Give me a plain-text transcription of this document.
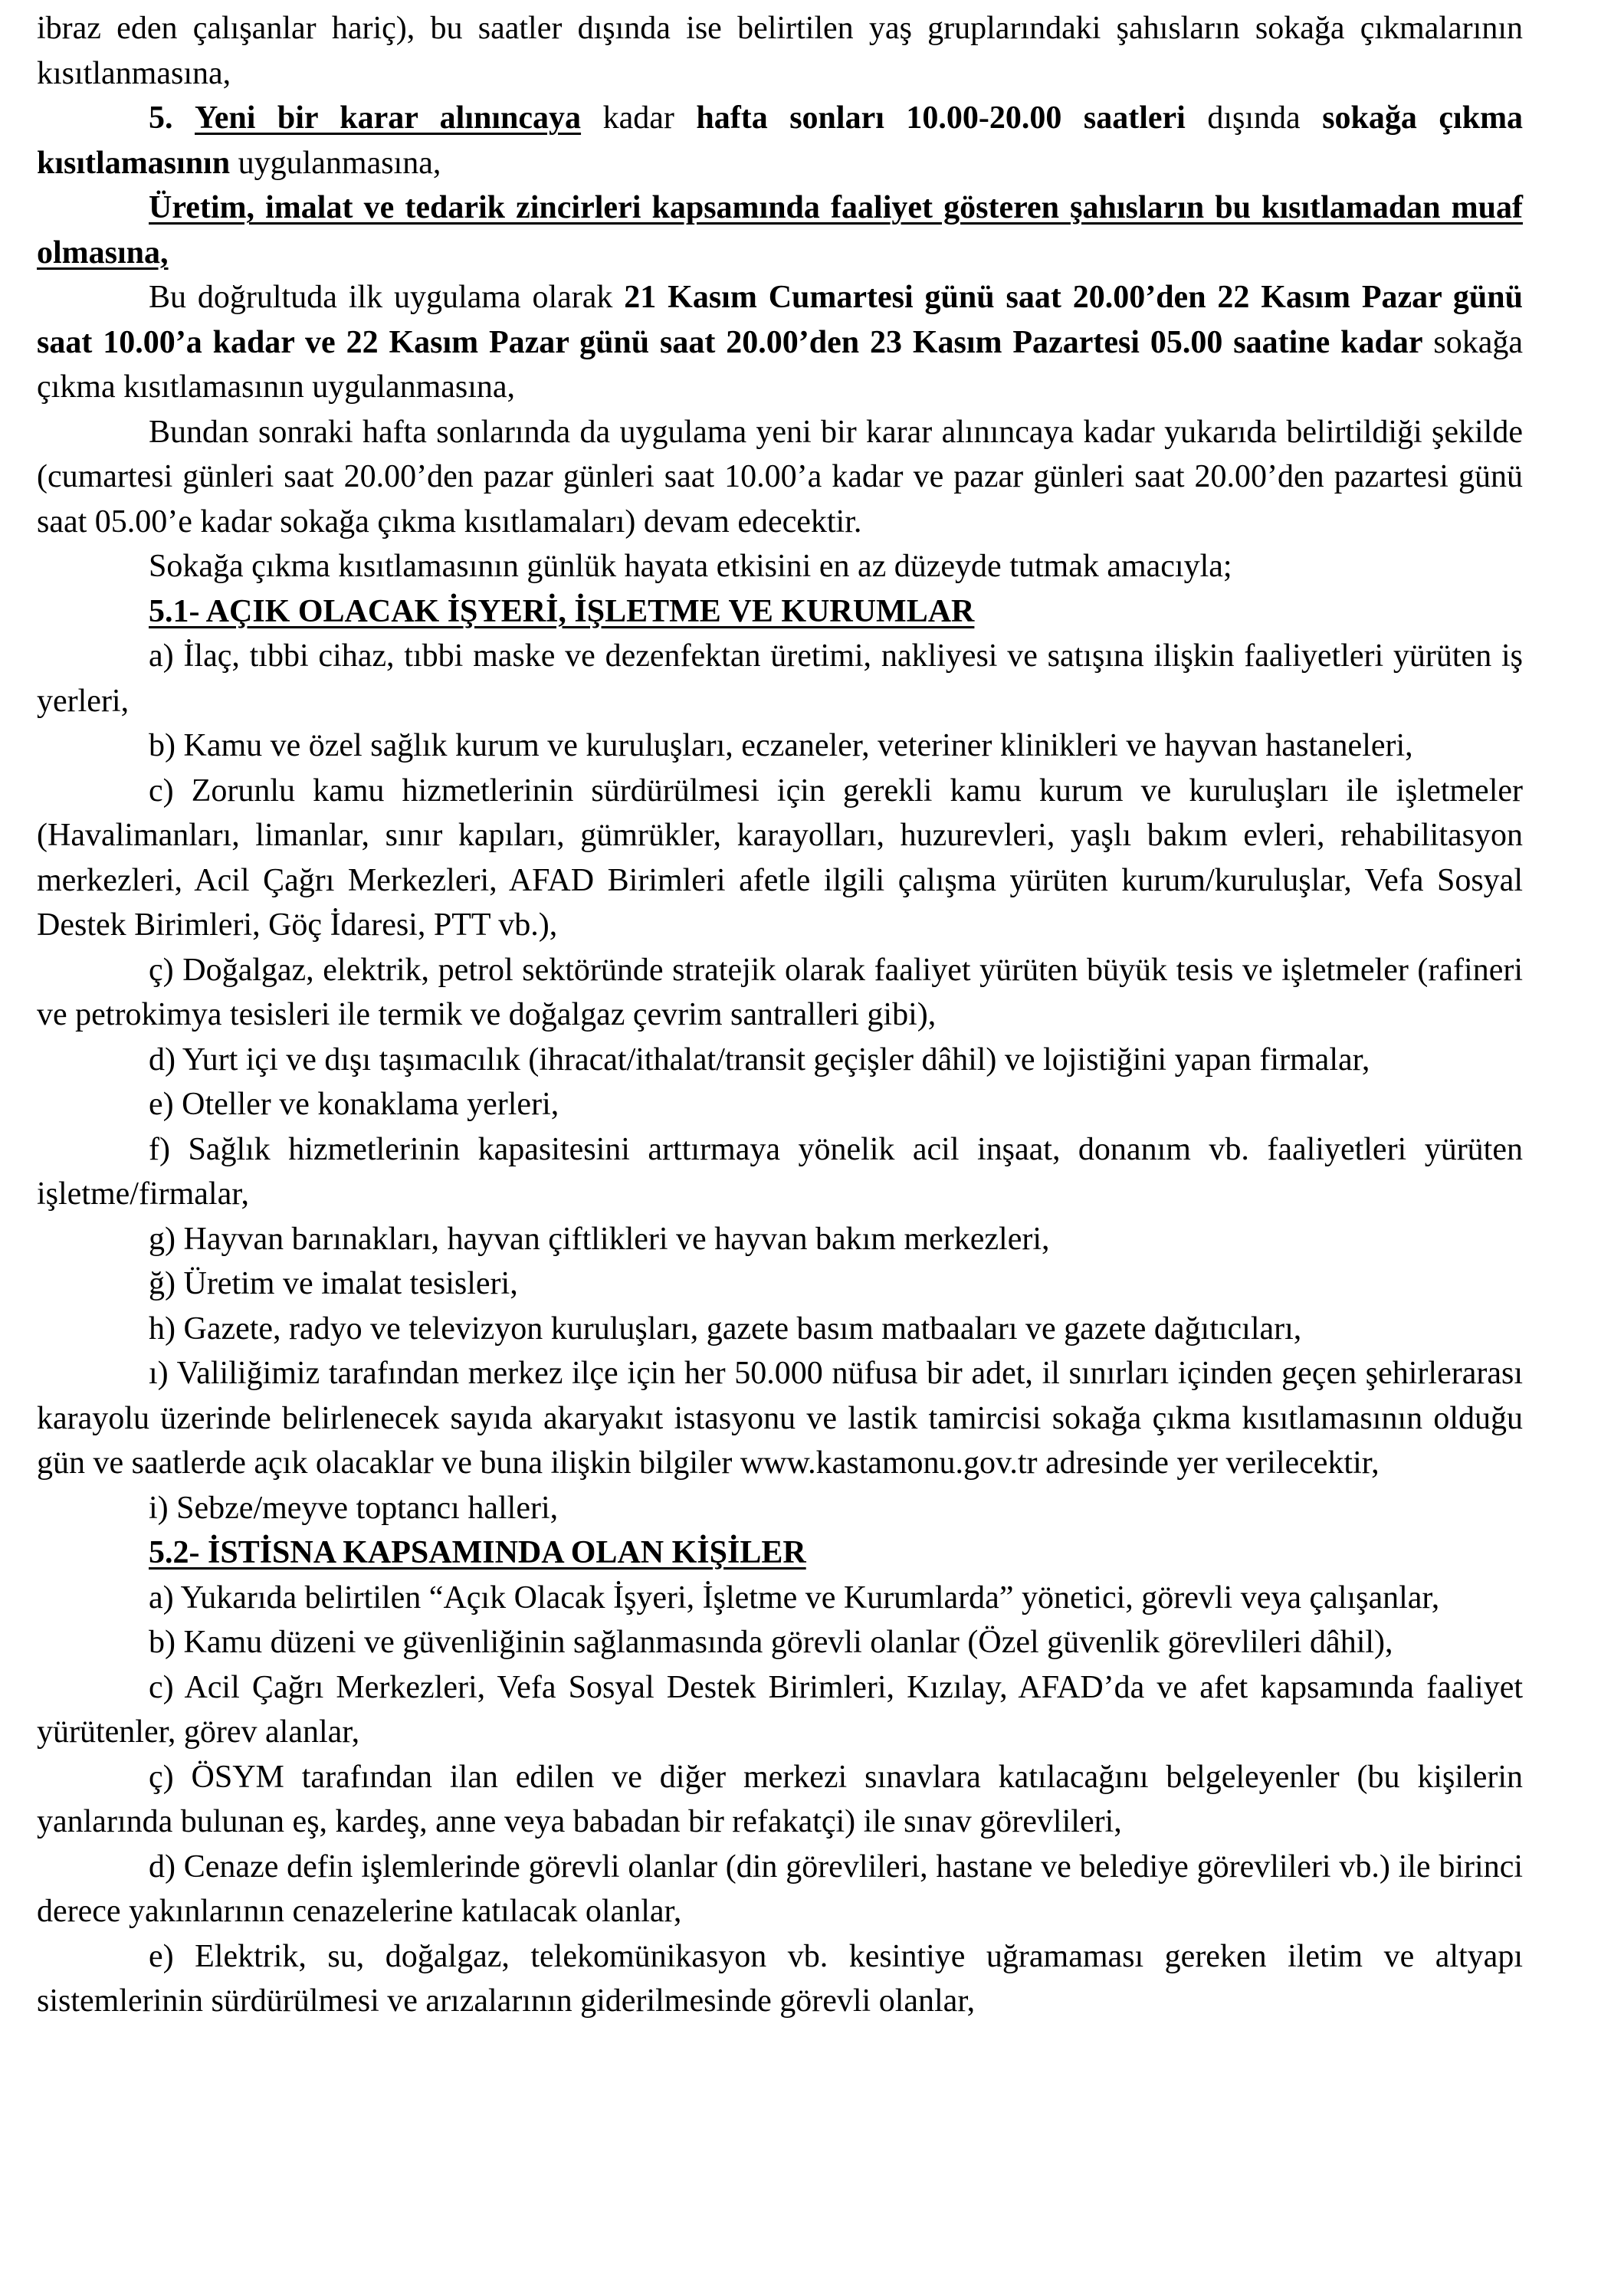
ibraz eden çalışanlar hariç), bu saatler dışında ise belirtilen yaş gruplarındaki şahısların sokağa çıkmalarının kısıtlanmasına,

5. Yeni bir karar alınıncaya kadar hafta sonları 10.00-20.00 saatleri dışında sokağa çıkma kısıtlamasının uygulanmasına,

Üretim, imalat ve tedarik zincirleri kapsamında faaliyet gösteren şahısların bu kısıtlamadan muaf olmasına,

Bu doğrultuda ilk uygulama olarak 21 Kasım Cumartesi günü saat 20.00’den 22 Kasım Pazar günü saat 10.00’a kadar ve 22 Kasım Pazar günü saat 20.00’den 23 Kasım Pazartesi 05.00 saatine kadar sokağa çıkma kısıtlamasının uygulanmasına,

Bundan sonraki hafta sonlarında da uygulama yeni bir karar alınıncaya kadar yukarıda belirtildiği şekilde (cumartesi günleri saat 20.00’den pazar günleri saat 10.00’a kadar ve pazar günleri saat 20.00’den pazartesi günü saat 05.00’e kadar sokağa çıkma kısıtlamaları) devam edecektir.

Sokağa çıkma kısıtlamasının günlük hayata etkisini en az düzeyde tutmak amacıyla;

5.1- AÇIK OLACAK İŞYERİ, İŞLETME VE KURUMLAR

a) İlaç, tıbbi cihaz, tıbbi maske ve dezenfektan üretimi, nakliyesi ve satışına ilişkin faaliyetleri yürüten iş yerleri,

b) Kamu ve özel sağlık kurum ve kuruluşları, eczaneler, veteriner klinikleri ve hayvan hastaneleri,

c) Zorunlu kamu hizmetlerinin sürdürülmesi için gerekli kamu kurum ve kuruluşları ile işletmeler (Havalimanları, limanlar, sınır kapıları, gümrükler, karayolları, huzurevleri, yaşlı bakım evleri, rehabilitasyon merkezleri, Acil Çağrı Merkezleri, AFAD Birimleri afetle ilgili çalışma yürüten kurum/kuruluşlar, Vefa Sosyal Destek Birimleri, Göç İdaresi, PTT vb.),

ç) Doğalgaz, elektrik, petrol sektöründe stratejik olarak faaliyet yürüten büyük tesis ve işletmeler (rafineri ve petrokimya tesisleri ile termik ve doğalgaz çevrim santralleri gibi),

d) Yurt içi ve dışı taşımacılık (ihracat/ithalat/transit geçişler dâhil) ve lojistiğini yapan firmalar,

e) Oteller ve konaklama yerleri,

f) Sağlık hizmetlerinin kapasitesini arttırmaya yönelik acil inşaat, donanım vb. faaliyetleri yürüten işletme/firmalar,

g) Hayvan barınakları, hayvan çiftlikleri ve hayvan bakım merkezleri,

ğ) Üretim ve imalat tesisleri,

h) Gazete, radyo ve televizyon kuruluşları, gazete basım matbaaları ve gazete dağıtıcıları,

ı) Valiliğimiz tarafından merkez ilçe için her 50.000 nüfusa bir adet, il sınırları içinden geçen şehirlerarası karayolu üzerinde belirlenecek sayıda akaryakıt istasyonu ve lastik tamircisi sokağa çıkma kısıtlamasının olduğu gün ve saatlerde açık olacaklar ve buna ilişkin bilgiler www.kastamonu.gov.tr adresinde yer verilecektir,

i) Sebze/meyve toptancı halleri,

5.2- İSTİSNA KAPSAMINDA OLAN KİŞİLER

a) Yukarıda belirtilen “Açık Olacak İşyeri, İşletme ve Kurumlarda” yönetici, görevli veya çalışanlar,

b) Kamu düzeni ve güvenliğinin sağlanmasında görevli olanlar (Özel güvenlik görevlileri dâhil),

c) Acil Çağrı Merkezleri, Vefa Sosyal Destek Birimleri, Kızılay, AFAD’da ve afet kapsamında faaliyet yürütenler, görev alanlar,

ç) ÖSYM tarafından ilan edilen ve diğer merkezi sınavlara katılacağını belgeleyenler (bu kişilerin yanlarında bulunan eş, kardeş, anne veya babadan bir refakatçi) ile sınav görevlileri,

d) Cenaze defin işlemlerinde görevli olanlar (din görevlileri, hastane ve belediye görevlileri vb.) ile birinci derece yakınlarının cenazelerine katılacak olanlar,

e) Elektrik, su, doğalgaz, telekomünikasyon vb. kesintiye uğramaması gereken iletim ve altyapı sistemlerinin sürdürülmesi ve arızalarının giderilmesinde görevli olanlar,
